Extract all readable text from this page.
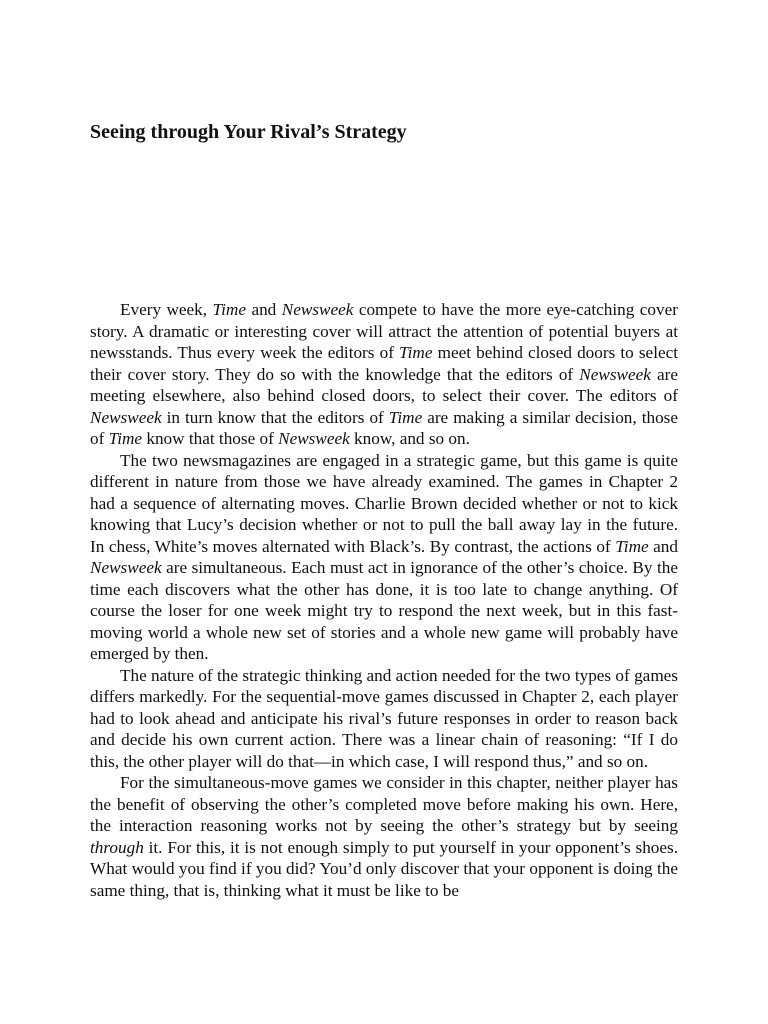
Seeing through Your Rival’s Strategy

Every week, Time and Newsweek compete to have the more eye-catching cover story. A dramatic or interesting cover will attract the attention of potential buyers at newsstands. Thus every week the editors of Time meet behind closed doors to select their cover story. They do so with the knowledge that the editors of Newsweek are meeting elsewhere, also behind closed doors, to select their cover. The editors of Newsweek in turn know that the editors of Time are making a similar decision, those of Time know that those of Newsweek know, and so on.

The two newsmagazines are engaged in a strategic game, but this game is quite different in nature from those we have already examined. The games in Chapter 2 had a sequence of alternating moves. Charlie Brown decided whether or not to kick knowing that Lucy’s decision whether or not to pull the ball away lay in the future. In chess, White’s moves alternated with Black’s. By contrast, the actions of Time and Newsweek are simultaneous. Each must act in ignorance of the other’s choice. By the time each discovers what the other has done, it is too late to change anything. Of course the loser for one week might try to respond the next week, but in this fast-moving world a whole new set of stories and a whole new game will probably have emerged by then.

The nature of the strategic thinking and action needed for the two types of games differs markedly. For the sequential-move games discussed in Chapter 2, each player had to look ahead and anticipate his rival’s future responses in order to reason back and decide his own current action. There was a linear chain of reasoning: “If I do this, the other player will do that—in which case, I will respond thus,” and so on.

For the simultaneous-move games we consider in this chapter, neither player has the benefit of observing the other’s completed move before making his own. Here, the interaction reasoning works not by seeing the other’s strategy but by seeing through it. For this, it is not enough simply to put yourself in your opponent’s shoes. What would you find if you did? You’d only discover that your opponent is doing the same thing, that is, thinking what it must be like to be
